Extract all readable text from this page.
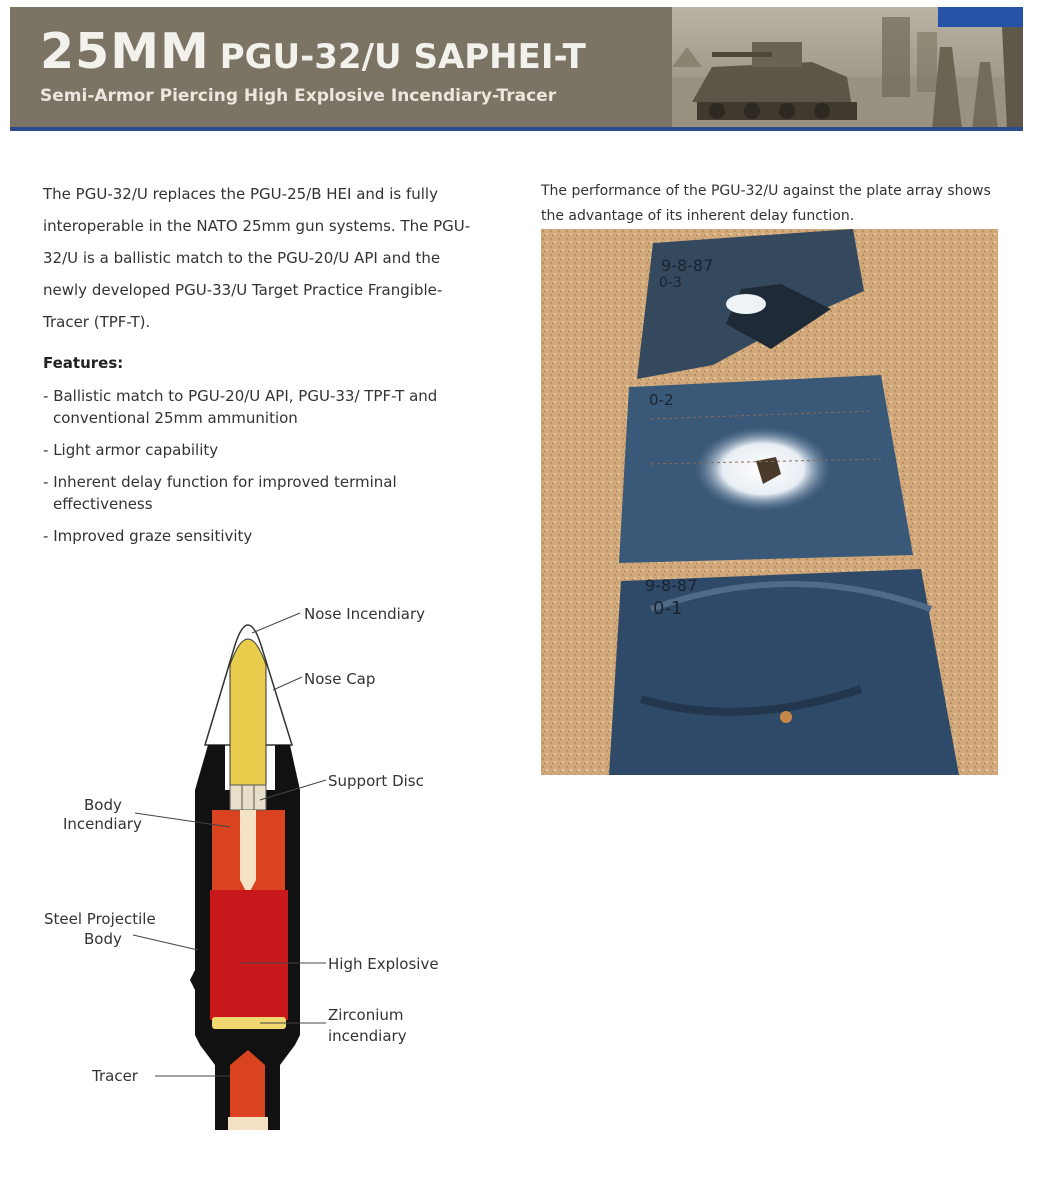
25MM PGU-32/U SAPHEI-T
Semi-Armor Piercing High Explosive Incendiary-Tracer

The PGU-32/U replaces the PGU-25/B HEI and is fully interoperable in the NATO 25mm gun systems. The PGU-32/U is a ballistic match to the PGU-20/U API and the newly developed PGU-33/U Target Practice Frangible-Tracer (TPF-T).

Features:

- Ballistic match to PGU-20/U API, PGU-33/ TPF-T and conventional 25mm ammunition
- Light armor capability
- Inherent delay function for improved terminal effectiveness
- Improved graze sensitivity

The performance of the PGU-32/U against the plate array shows the advantage of its inherent delay function.

9-8-87
0-3
0-2
9-8-87
0-1
Nose Incendiary
Nose Cap
Support Disc
Body
Incendiary
Steel Projectile
Body
High Explosive
Zirconium
incendiary
Tracer
